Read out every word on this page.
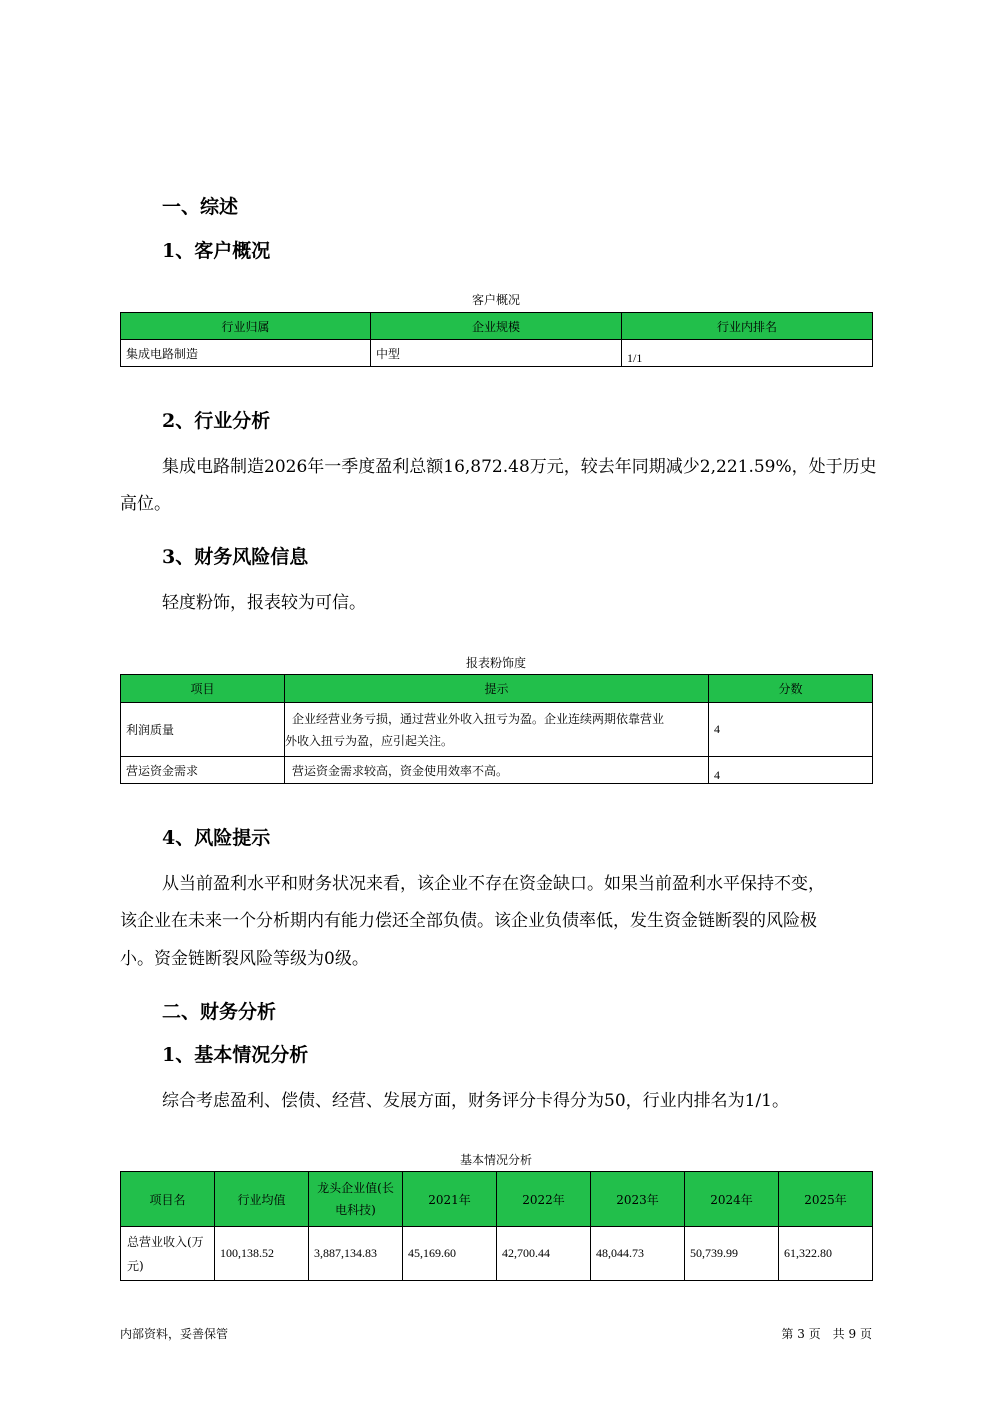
一、综述
1、客户概况
客户概况
行业归属	企业规模	行业内排名
集成电路制造	中型	1/1
2、行业分析
集成电路制造2026年一季度盈利总额16,872.48万元，较去年同期减少2,221.59%，处于历史
高位。
3、财务风险信息
轻度粉饰，报表较为可信。
报表粉饰度
项目	提示	分数
利润质量	企业经营业务亏损，通过营业外收入扭亏为盈。企业连续两期依靠营业
外收入扭亏为盈，应引起关注。	4
营运资金需求	营运资金需求较高，资金使用效率不高。	4
4、风险提示
从当前盈利水平和财务状况来看，该企业不存在资金缺口。如果当前盈利水平保持不变，
该企业在未来一个分析期内有能力偿还全部负债。该企业负债率低，发生资金链断裂的风险极
小。资金链断裂风险等级为0级。
二、财务分析
1、基本情况分析
综合考虑盈利、偿债、经营、发展方面，财务评分卡得分为50，行业内排名为1/1。
基本情况分析
项目名	行业均值	龙头企业值(长电科技)	2021年	2022年	2023年	2024年	2025年
总营业收入(万元)	100,138.52	3,887,134.83	45,169.60	42,700.44	48,044.73	50,739.99	61,322.80
内部资料，妥善保管	第 3 页　共 9 页
